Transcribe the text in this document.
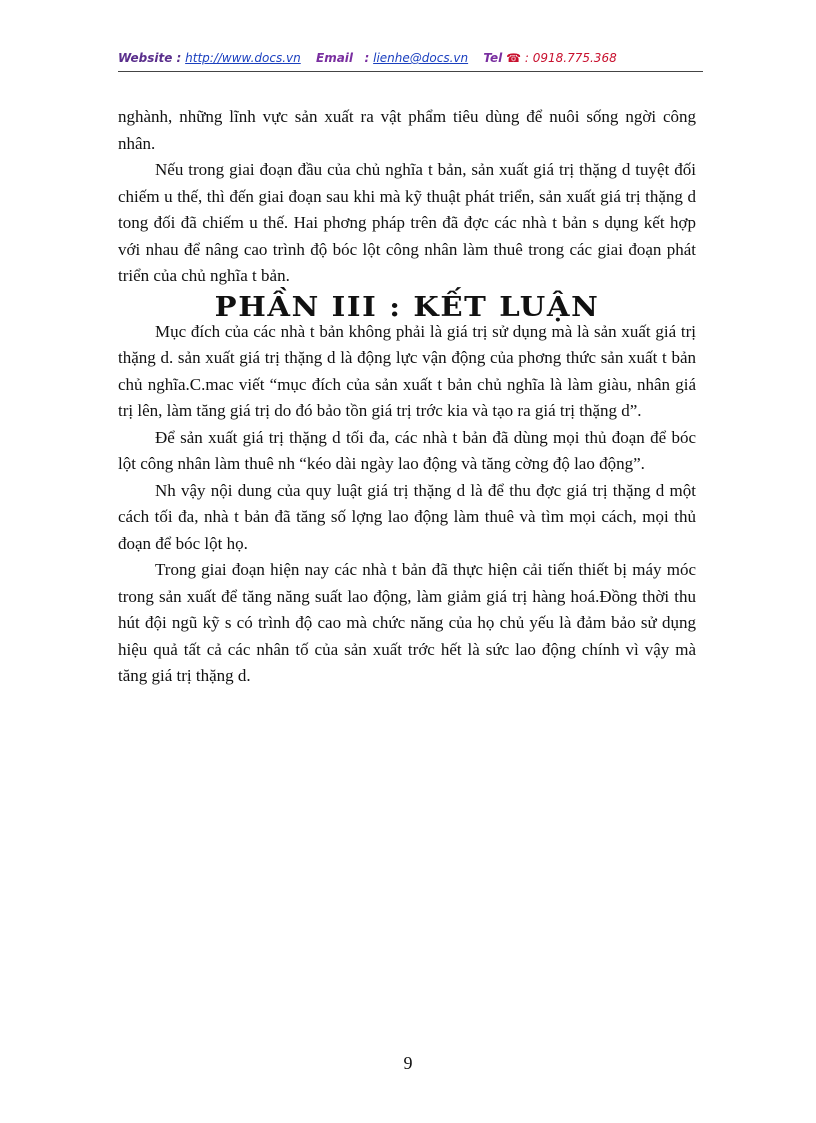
Website : http://www.docs.vn Email : lienhe@docs.vn Tel ☎ : 0918.775.368

nghành, những lĩnh vực sản xuất ra vật phẩm tiêu dùng để nuôi sống ngời công nhân.

Nếu trong giai đoạn đầu của chủ nghĩa t bản, sản xuất giá trị thặng d tuyệt đối chiếm u thế, thì đến giai đoạn sau khi mà kỹ thuật phát triển, sản xuất giá trị thặng d tong đối đã chiếm u thế. Hai phơng pháp trên đã đợc các nhà t bản s dụng kết hợp với nhau để nâng cao trình độ bóc lột công nhân làm thuê trong các giai đoạn phát triển của chủ nghĩa t bản.

PHẦN III : KẾT LUẬN

Mục đích của các nhà t bản không phải là giá trị sử dụng mà là sản xuất giá trị thặng d. sản xuất giá trị thặng d là động lực vận động của phơng thức sản xuất t bản chủ nghĩa.C.mac viết “mục đích của sản xuất t bản chủ nghĩa là làm giàu, nhân giá trị lên, làm tăng giá trị do đó bảo tồn giá trị trớc kia và tạo ra giá trị thặng d”.

Để sản xuất giá trị thặng d tối đa, các nhà t bản đã dùng mọi thủ đoạn để bóc lột công nhân làm thuê nh “kéo dài ngày lao động và tăng cờng độ lao động”.

Nh vậy nội dung của quy luật giá trị thặng d là để thu đợc giá trị thặng d một cách tối đa, nhà t bản đã tăng số lợng lao động làm thuê và tìm mọi cách, mọi thủ đoạn để bóc lột họ.

Trong giai đoạn hiện nay các nhà t bản đã thực hiện cải tiến thiết bị máy móc trong sản xuất để tăng năng suất lao động, làm giảm giá trị hàng hoá.Đồng thời thu hút đội ngũ kỹ s có trình độ cao mà chức năng của họ chủ yếu là đảm bảo sử dụng hiệu quả tất cả các nhân tố của sản xuất trớc hết là sức lao động chính vì vậy mà tăng giá trị thặng d.

9
